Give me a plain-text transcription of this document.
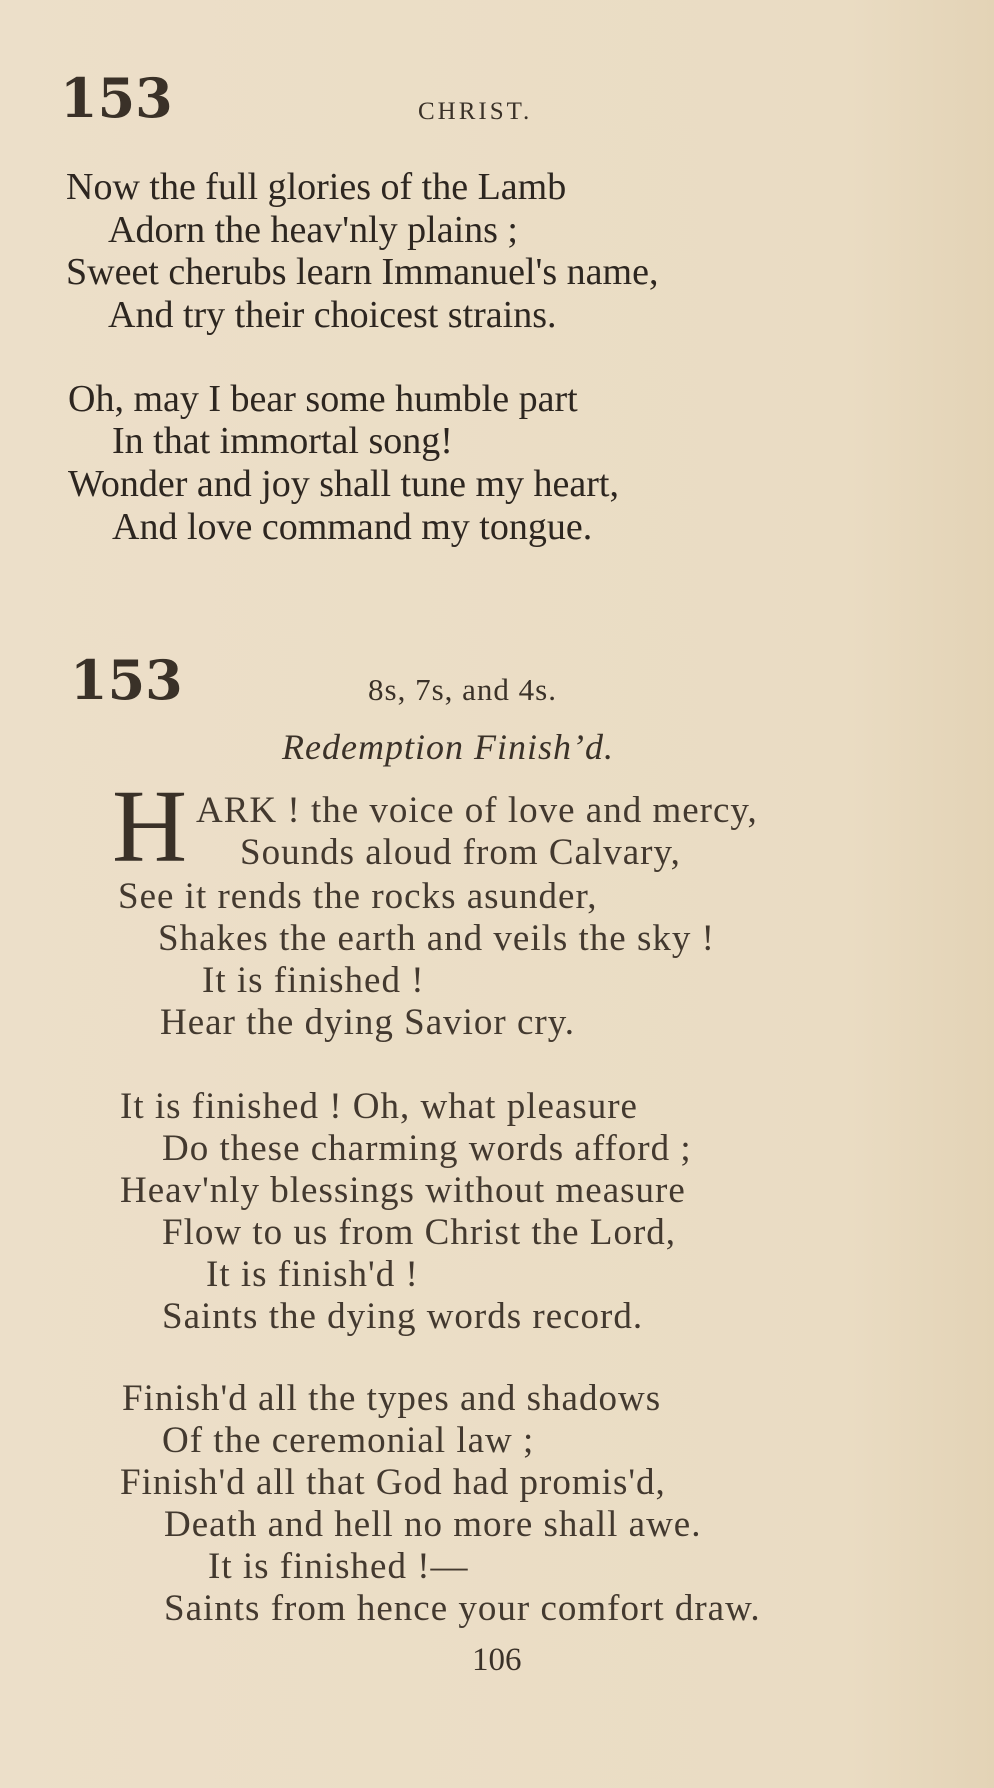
153	CHRIST.
Now the full glories of the Lamb
Adorn the heav'nly plains ;
Sweet cherubs learn Immanuel's name,
And try their choicest strains.
Oh, may I bear some humble part
In that immortal song!
Wonder and joy shall tune my heart,
And love command my tongue.
153	8s, 7s, and 4s.
Redemption Finish’d.
H ARK ! the voice of love and mercy,
Sounds aloud from Calvary,
See it rends the rocks asunder,
Shakes the earth and veils the sky !
It is finished !
Hear the dying Savior cry.
It is finished ! Oh, what pleasure
Do these charming words afford ;
Heav'nly blessings without measure
Flow to us from Christ the Lord,
It is finish'd !
Saints the dying words record.
Finish'd all the types and shadows
Of the ceremonial law ;
Finish'd all that God had promis'd,
Death and hell no more shall awe.
It is finished !—
Saints from hence your comfort draw.
106
